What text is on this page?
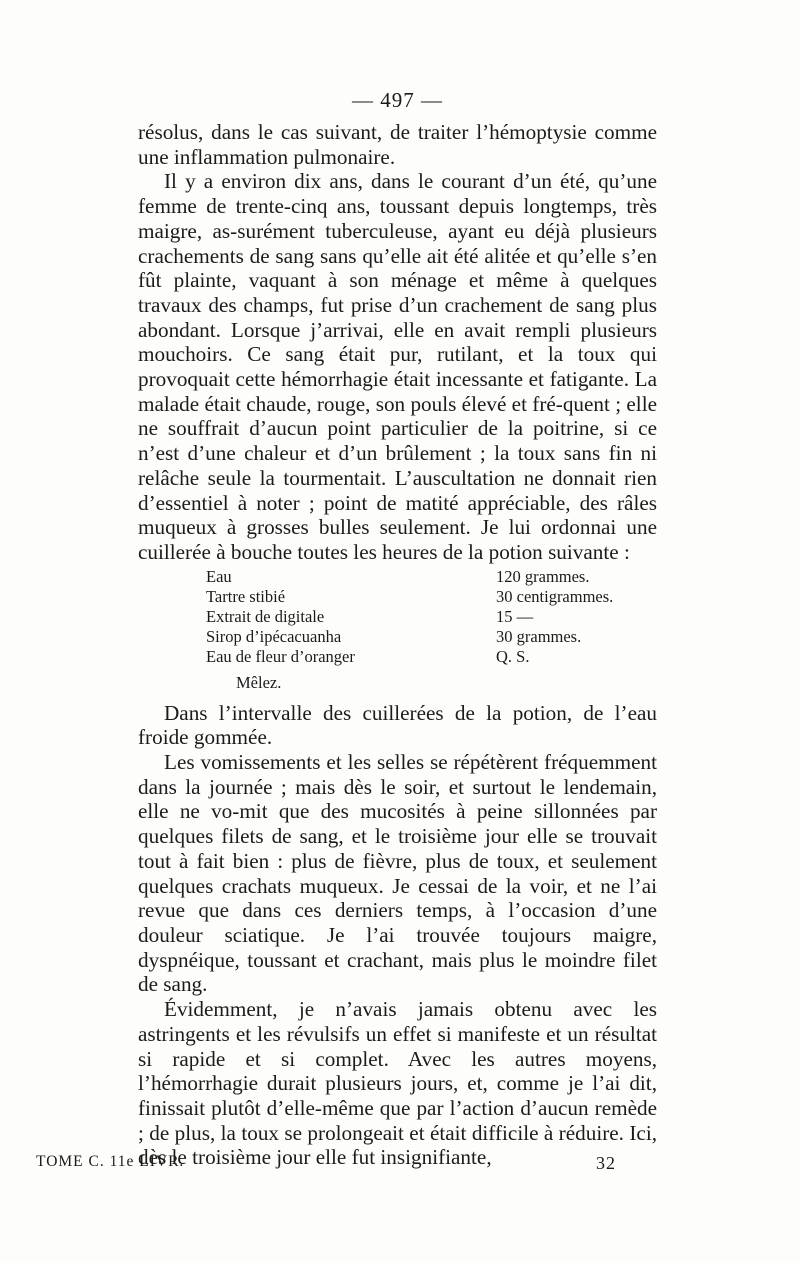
— 497 —

résolus, dans le cas suivant, de traiter l’hémoptysie comme une inflammation pulmonaire.

Il y a environ dix ans, dans le courant d’un été, qu’une femme de trente-cinq ans, toussant depuis longtemps, très maigre, as-surément tuberculeuse, ayant eu déjà plusieurs crachements de sang sans qu’elle ait été alitée et qu’elle s’en fût plainte, vaquant à son ménage et même à quelques travaux des champs, fut prise d’un crachement de sang plus abondant. Lorsque j’arrivai, elle en avait rempli plusieurs mouchoirs. Ce sang était pur, rutilant, et la toux qui provoquait cette hémorrhagie était incessante et fatigante. La malade était chaude, rouge, son pouls élevé et fré-quent ; elle ne souffrait d’aucun point particulier de la poitrine, si ce n’est d’une chaleur et d’un brûlement ; la toux sans fin ni relâche seule la tourmentait. L’auscultation ne donnait rien d’essentiel à noter ; point de matité appréciable, des râles muqueux à grosses bulles seulement. Je lui ordonnai une cuillerée à bouche toutes les heures de la potion suivante :

Eau	120 grammes.
Tartre stibié	30 centigrammes.
Extrait de digitale	15 —
Sirop d’ipécacuanha	30 grammes.
Eau de fleur d’oranger	Q. S.
Mêlez.

Dans l’intervalle des cuillerées de la potion, de l’eau froide gommée.

Les vomissements et les selles se répétèrent fréquemment dans la journée ; mais dès le soir, et surtout le lendemain, elle ne vo-mit que des mucosités à peine sillonnées par quelques filets de sang, et le troisième jour elle se trouvait tout à fait bien : plus de fièvre, plus de toux, et seulement quelques crachats muqueux. Je cessai de la voir, et ne l’ai revue que dans ces derniers temps, à l’occasion d’une douleur sciatique. Je l’ai trouvée toujours maigre, dyspnéique, toussant et crachant, mais plus le moindre filet de sang.

Évidemment, je n’avais jamais obtenu avec les astringents et les révulsifs un effet si manifeste et un résultat si rapide et si complet. Avec les autres moyens, l’hémorrhagie durait plusieurs jours, et, comme je l’ai dit, finissait plutôt d’elle-même que par l’action d’aucun remède ; de plus, la toux se prolongeait et était difficile à réduire. Ici, dès le troisième jour elle fut insignifiante,

TOME C. 11e LIVR.	32
